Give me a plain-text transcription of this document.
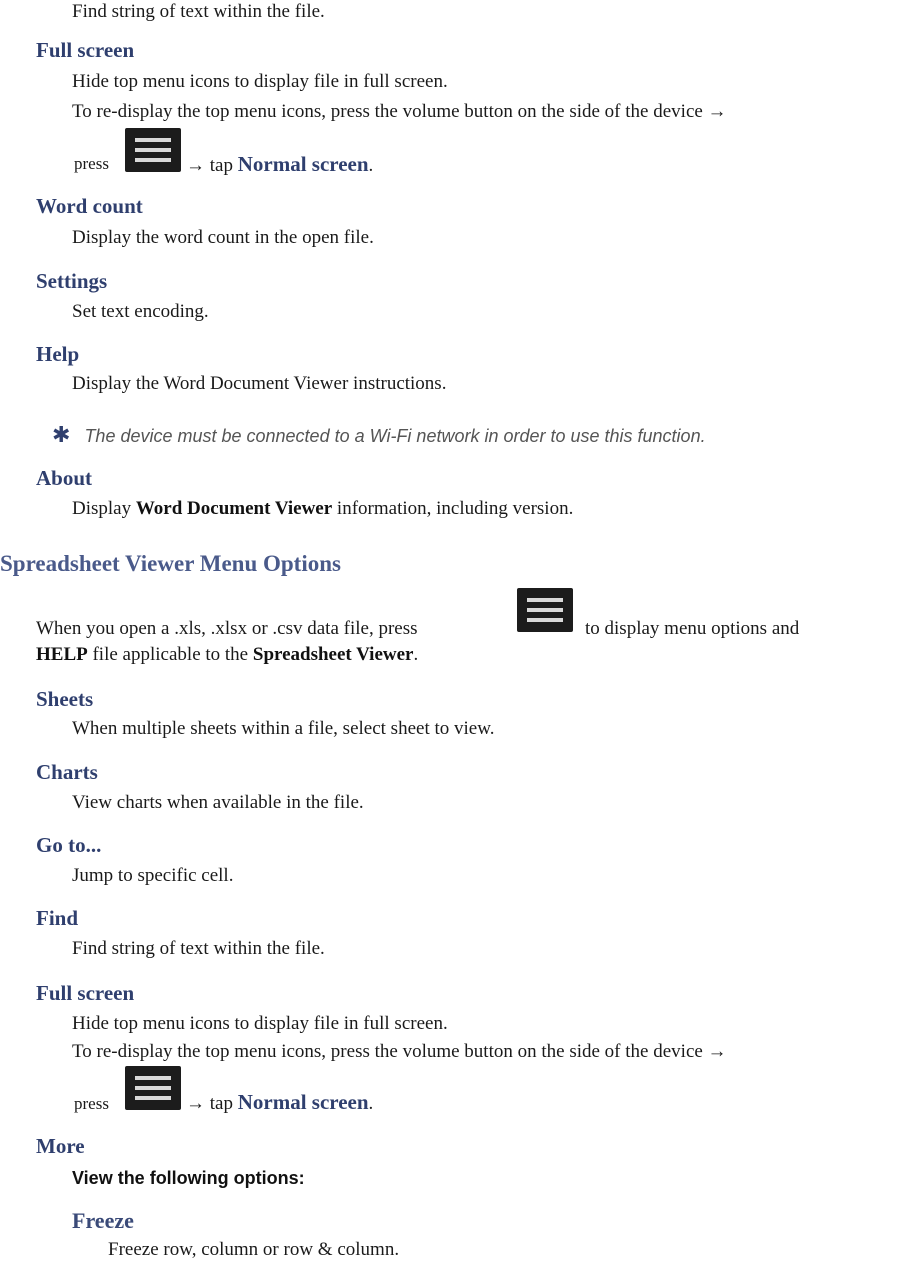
Find string of text within the file.
Full screen
Hide top menu icons to display file in full screen.
To re-display the top menu icons, press the volume button on the side of the device →
press	→ tap Normal screen.
Word count
Display the word count in the open file.
Settings
Set text encoding.
Help
Display the Word Document Viewer instructions.
✱ The device must be connected to a Wi-Fi network in order to use this function.
About
Display Word Document Viewer information, including version.
Spreadsheet Viewer Menu Options
When you open a .xls, .xlsx or .csv data file, press	to display menu options and
HELP file applicable to the Spreadsheet Viewer.
Sheets
When multiple sheets within a file, select sheet to view.
Charts
View charts when available in the file.
Go to...
Jump to specific cell.
Find
Find string of text within the file.
Full screen
Hide top menu icons to display file in full screen.
To re-display the top menu icons, press the volume button on the side of the device →
press	→ tap Normal screen.
More
View the following options:
Freeze
Freeze row, column or row & column.
